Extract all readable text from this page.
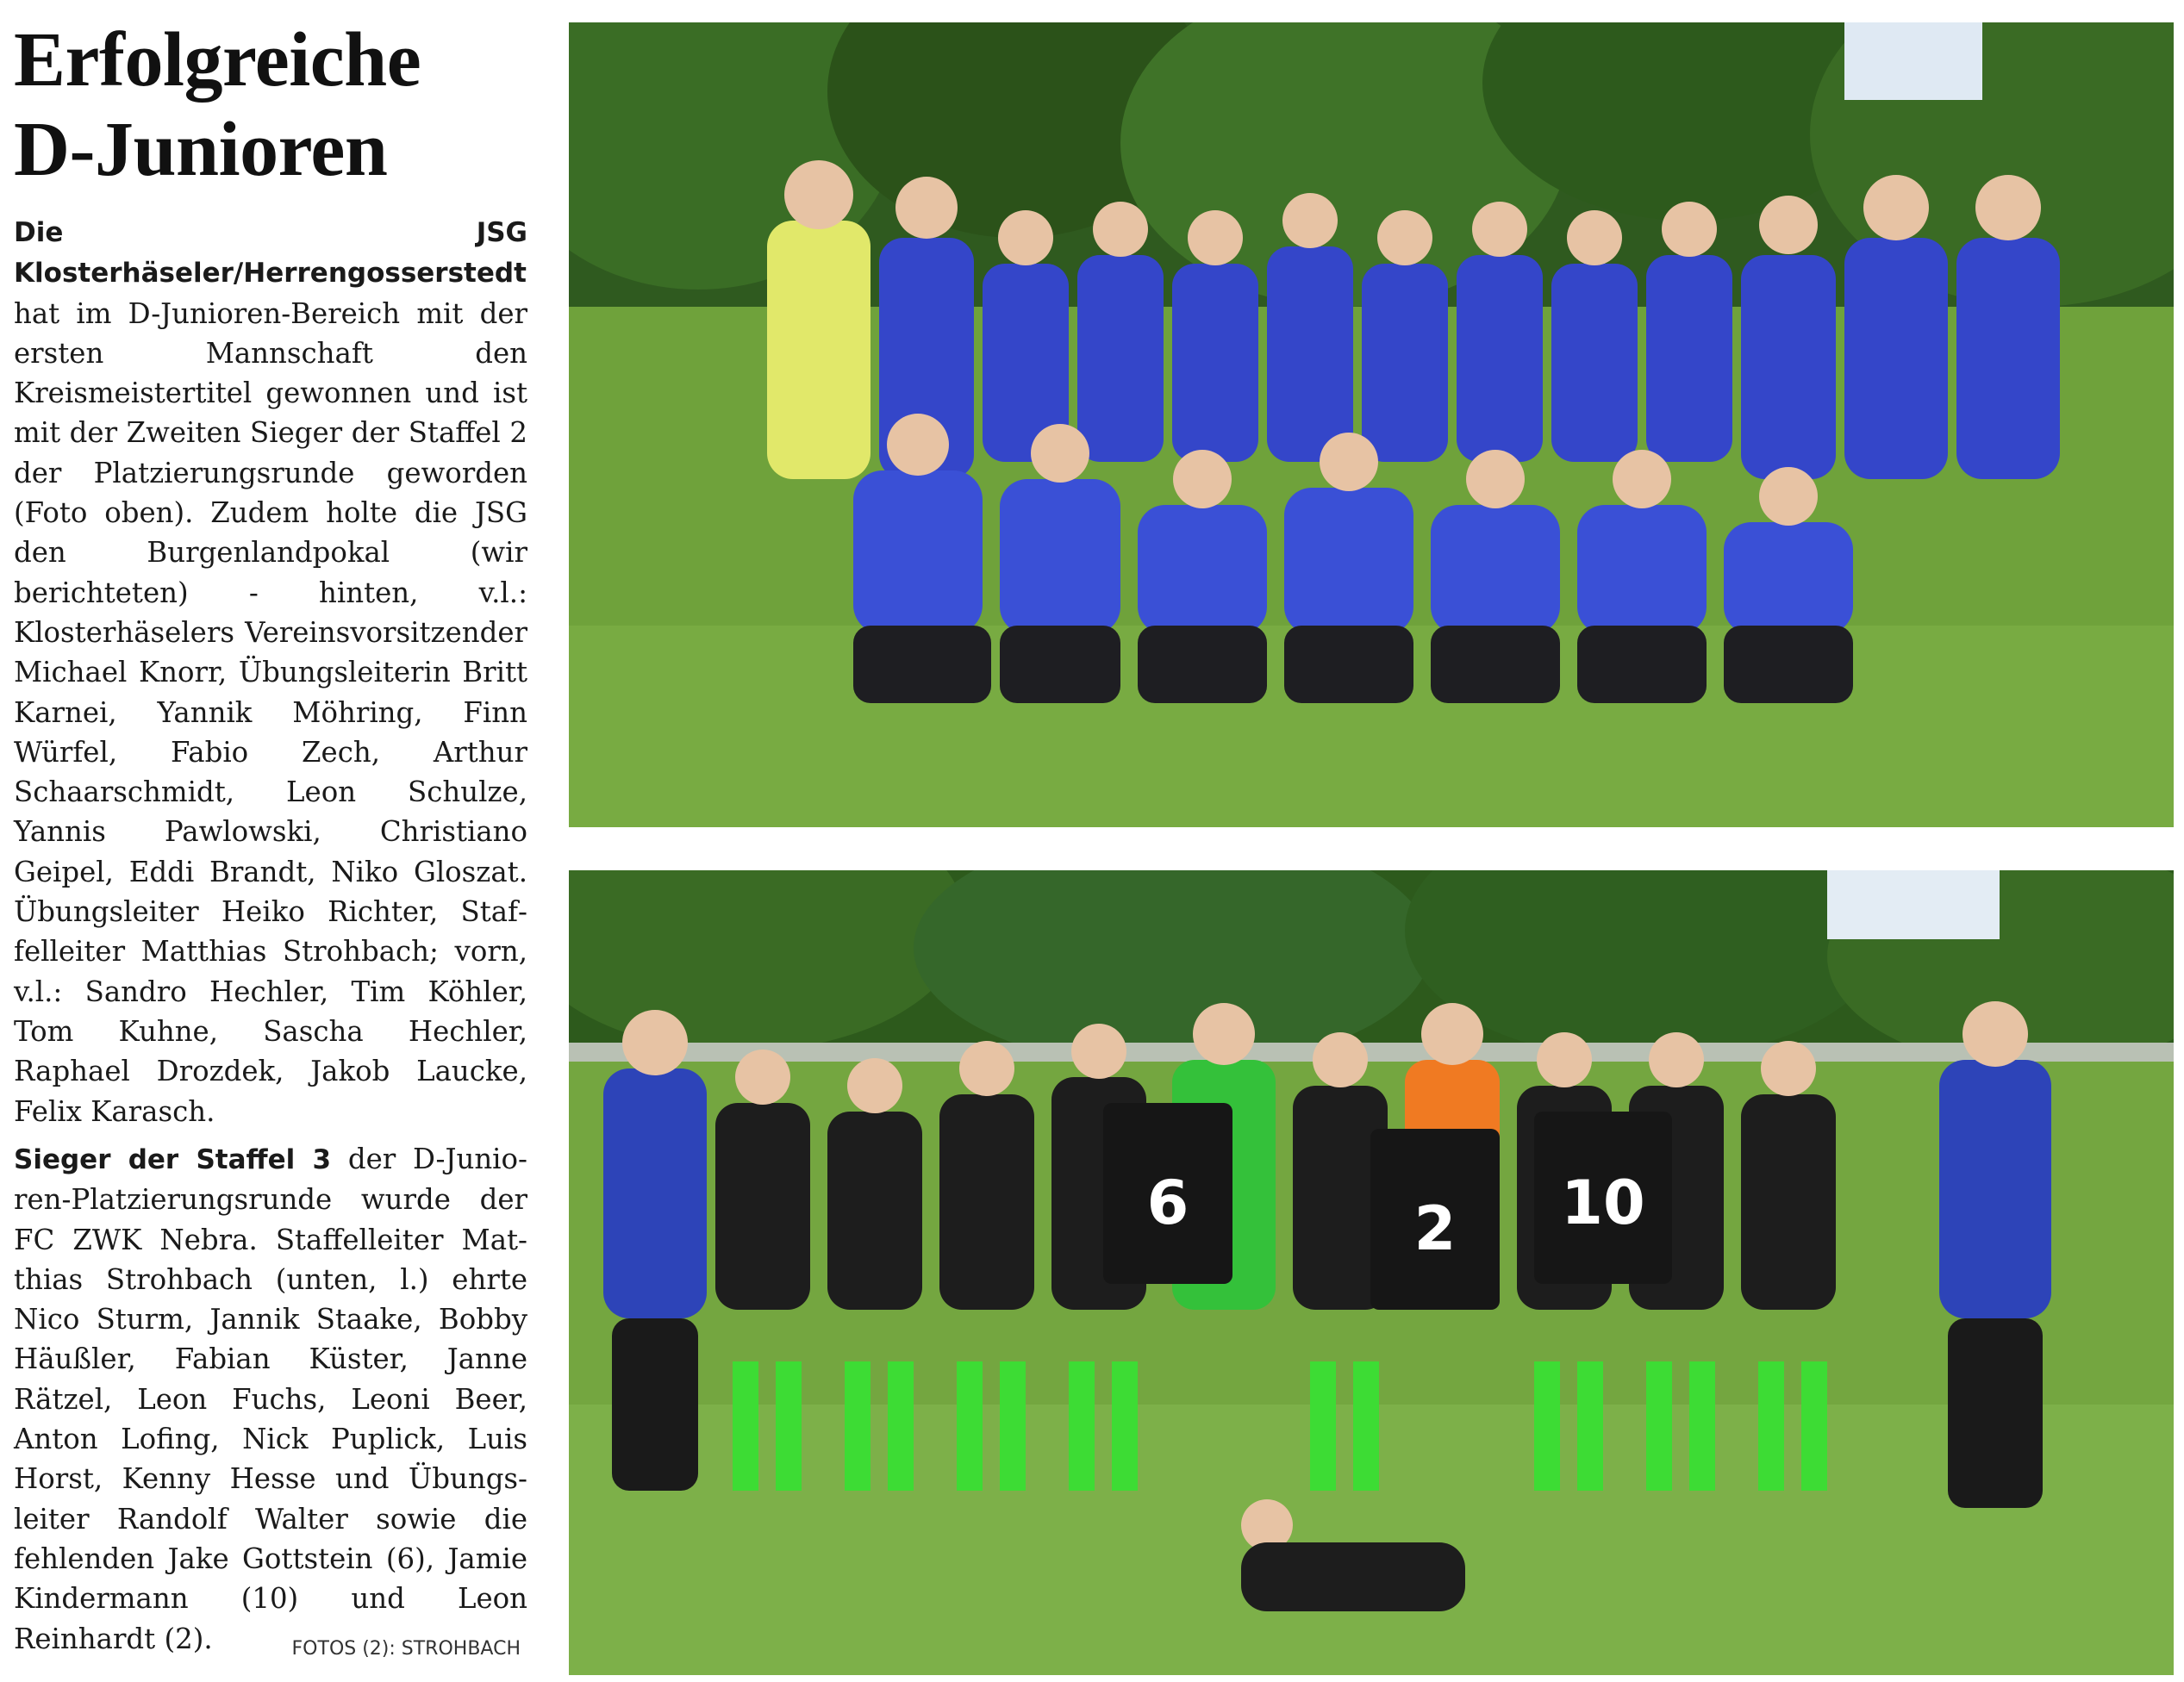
Erfolgreiche
D-Junioren

Die JSG Klosterhäseler/Herrengosserstedt hat im D-Junioren-Bereich mit der ersten Mannschaft den Kreismeistertitel gewonnen und ist mit der Zweiten Sieger der Staffel 2 der Platzierungsrunde geworden (Foto oben). Zudem holte die JSG den Burgenlandpokal (wir berichteten) - hinten, v.l.: Klosterhäselers Vereinsvorsitzender Michael Knorr, Übungsleiterin Britt Karnei, Yannik Möhring, Finn Würfel, Fabio Zech, Arthur Schaarschmidt, Leon Schulze, Yannis Pawlowski, Christiano Geipel, Eddi Brandt, Niko Gloszat. Übungsleiter Heiko Richter, Staffelleiter Matthias Strohbach; vorn, v.l.: Sandro Hechler, Tim Köhler, Tom Kuhne, Sascha Hechler, Raphael Drozdek, Jakob Laucke, Felix Karasch.

Sieger der Staffel 3 der D-Junioren-Platzierungsrunde wurde der FC ZWK Nebra. Staffelleiter Matthias Strohbach (unten, l.) ehrte Nico Sturm, Jannik Staake, Bobby Häußler, Fabian Küster, Janne Rätzel, Leon Fuchs, Leoni Beer, Anton Lofing, Nick Puplick, Luis Horst, Kenny Hesse und Übungsleiter Randolf Walter sowie die fehlenden Jake Gottstein (6), Jamie Kindermann (10) und Leon Reinhardt (2).	FOTOS (2): STROHBACH

6	2 10
